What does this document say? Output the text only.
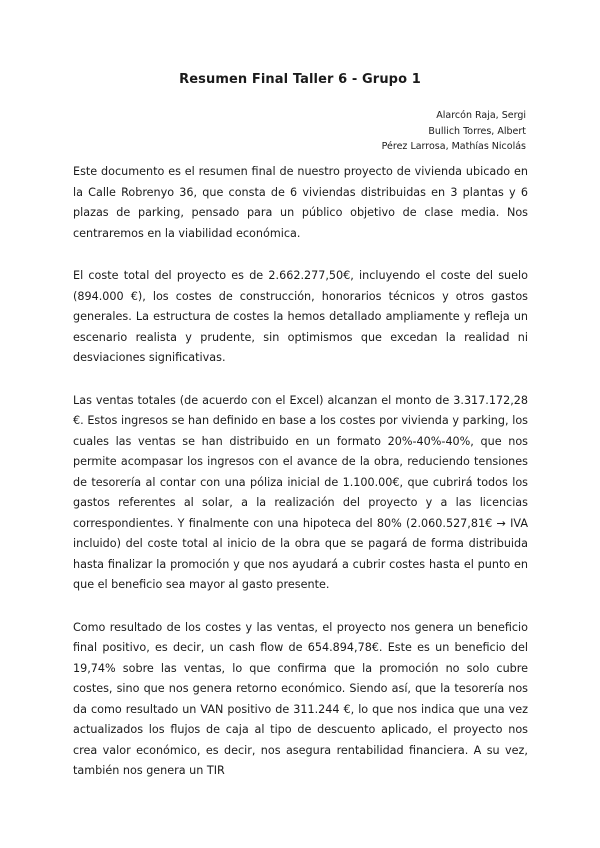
Resumen Final Taller 6 - Grupo 1
Alarcón Raja, Sergi
Bullich Torres, Albert
Pérez Larrosa, Mathías Nicolás

Este documento es el resumen final de nuestro proyecto de vivienda ubicado en la Calle Robrenyo 36, que consta de 6 viviendas distribuidas en 3 plantas y 6 plazas de parking, pensado para un público objetivo de clase media. Nos centraremos en la viabilidad económica.

El coste total del proyecto es de 2.662.277,50€, incluyendo el coste del suelo (894.000 €), los costes de construcción, honorarios técnicos y otros gastos generales. La estructura de costes la hemos detallado ampliamente y refleja un escenario realista y prudente, sin optimismos que excedan la realidad ni desviaciones significativas.

Las ventas totales (de acuerdo con el Excel) alcanzan el monto de 3.317.172,28 €. Estos ingresos se han definido en base a los costes por vivienda y parking, los cuales las ventas se han distribuido en un formato 20%-40%-40%, que nos permite acompasar los ingresos con el avance de la obra, reduciendo tensiones de tesorería al contar con una póliza inicial de 1.100.00€, que cubrirá todos los gastos referentes al solar, a la realización del proyecto y a las licencias correspondientes. Y finalmente con una hipoteca del 80% (2.060.527,81€ → IVA incluido) del coste total al inicio de la obra que se pagará de forma distribuida hasta finalizar la promoción y que nos ayudará a cubrir costes hasta el punto en que el beneficio sea mayor al gasto presente.

Como resultado de los costes y las ventas, el proyecto nos genera un beneficio final positivo, es decir, un cash flow de 654.894,78€. Este es un beneficio del 19,74% sobre las ventas, lo que confirma que la promoción no solo cubre costes, sino que nos genera retorno económico. Siendo así, que la tesorería nos da como resultado un VAN positivo de 311.244 €, lo que nos indica que una vez actualizados los flujos de caja al tipo de descuento aplicado, el proyecto nos crea valor económico, es decir, nos asegura rentabilidad financiera. A su vez, también nos genera un TIR
